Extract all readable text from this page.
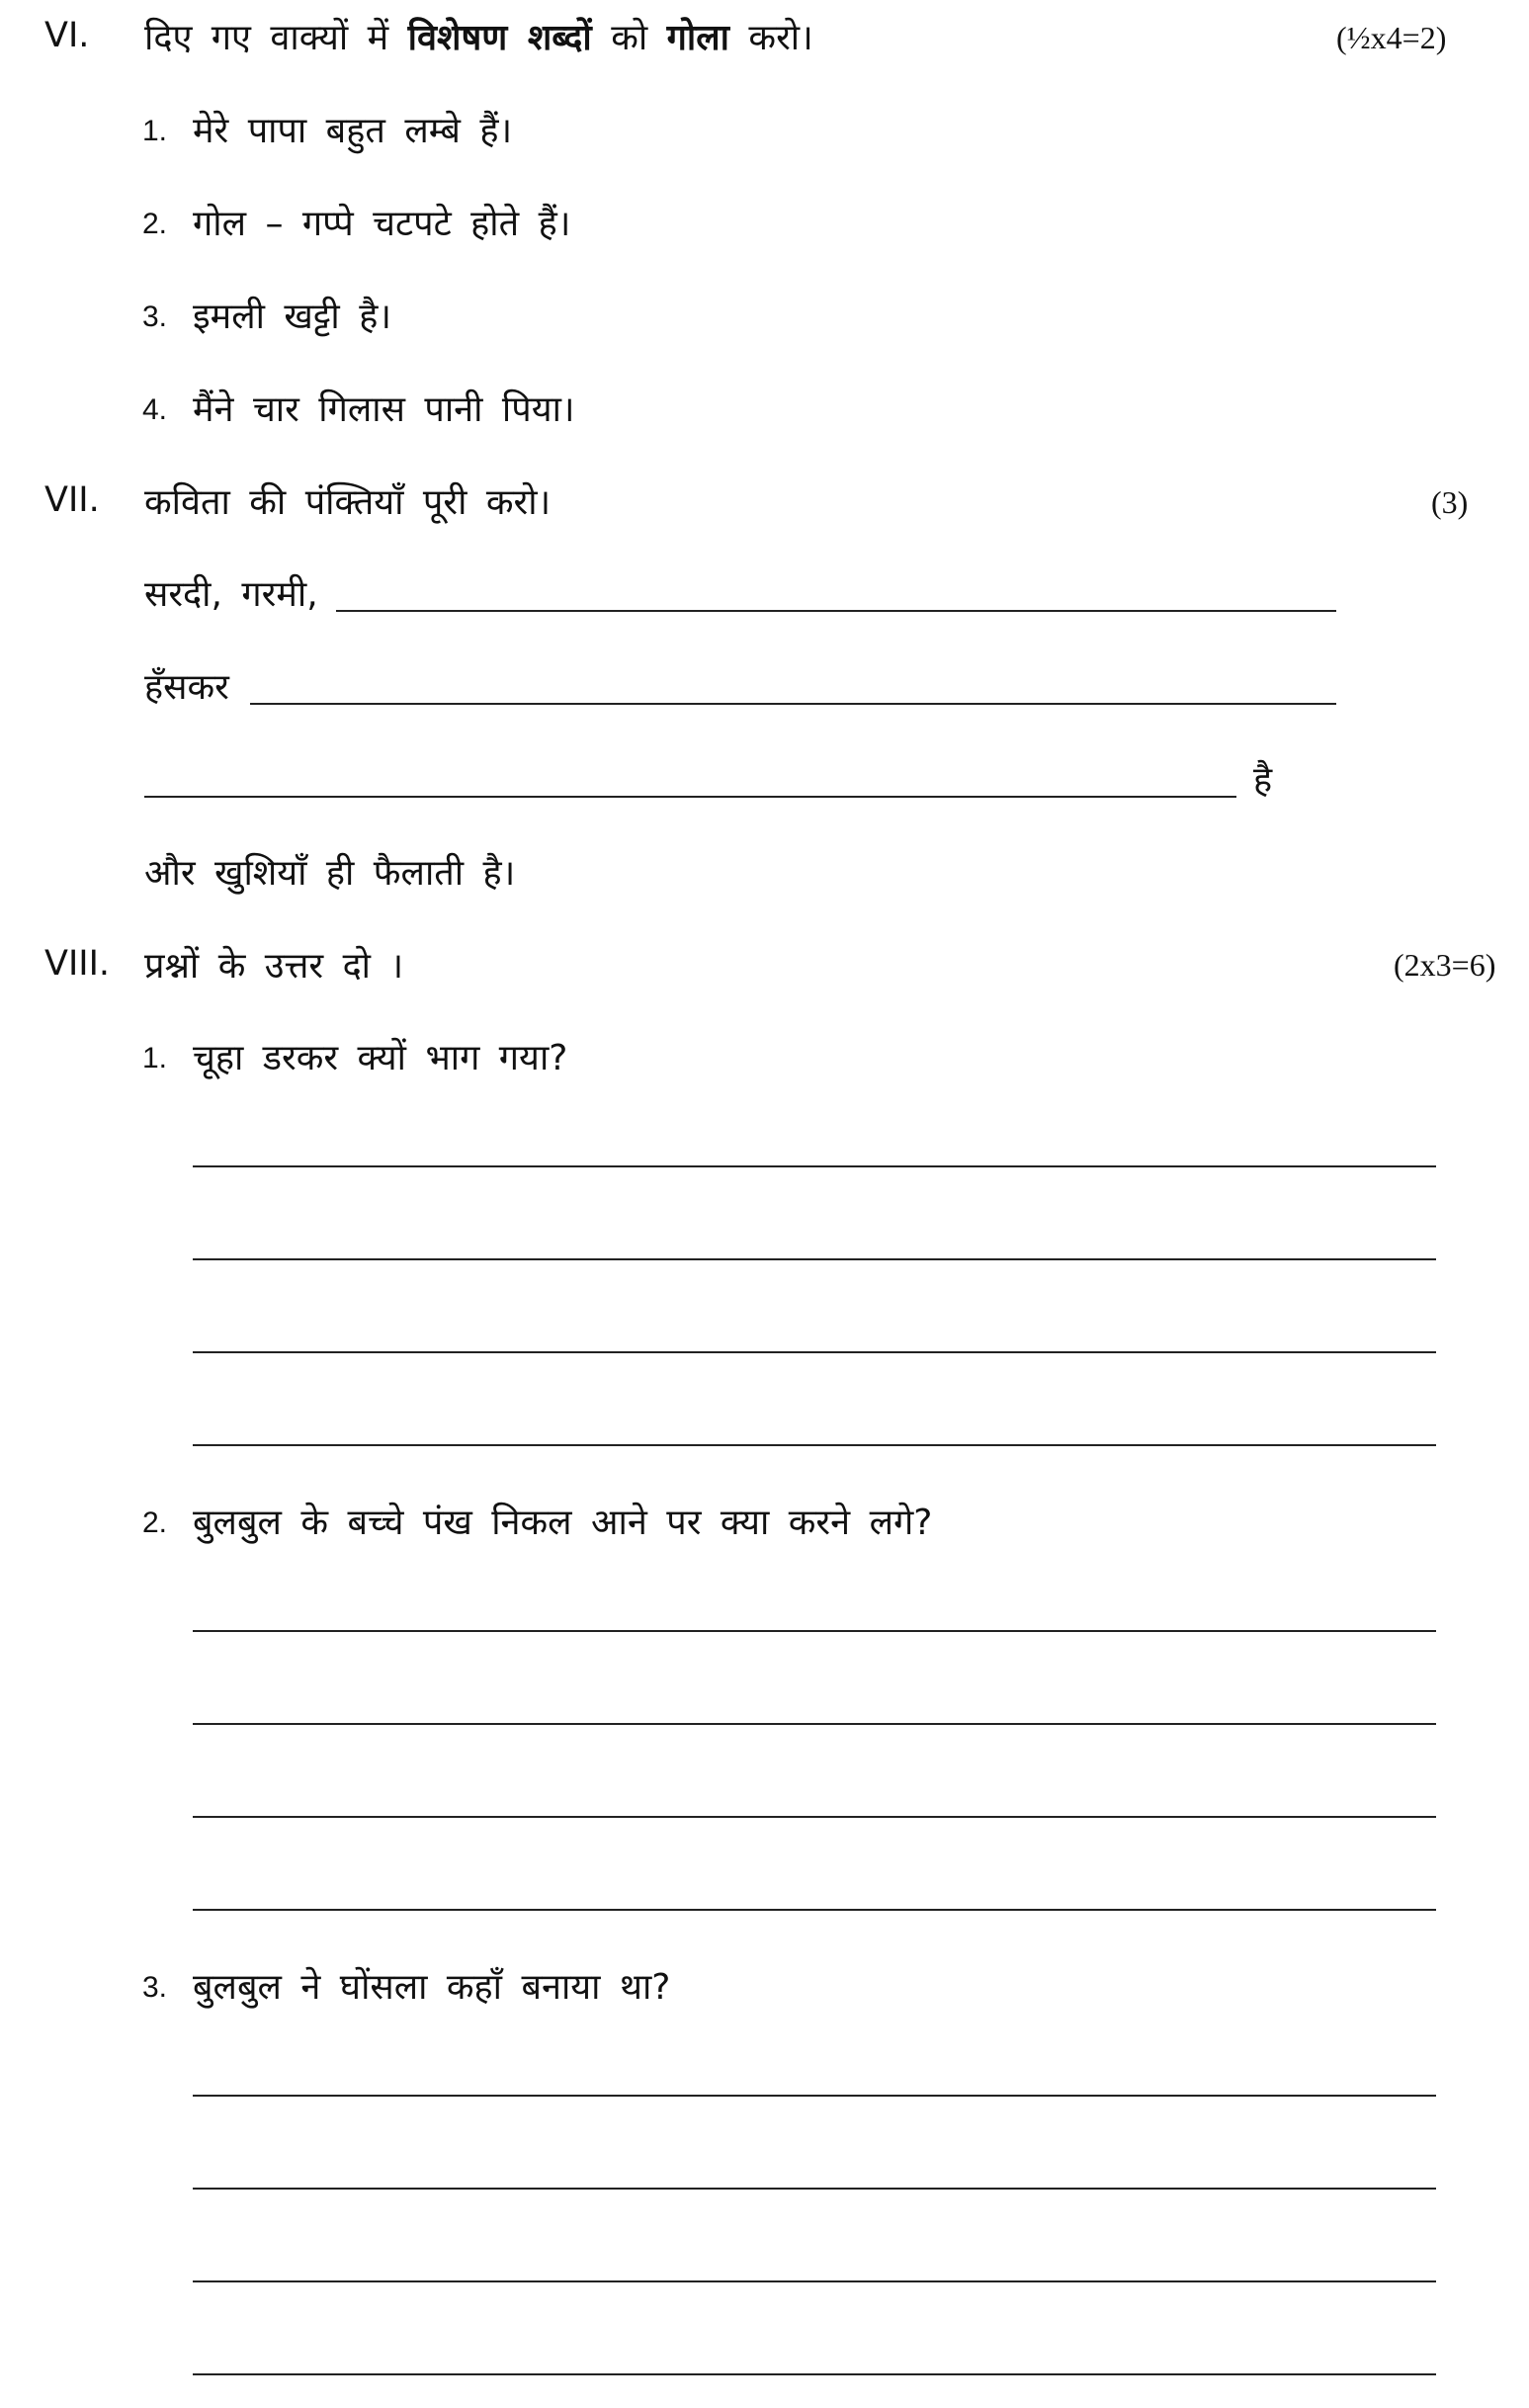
VI. दिए गए वाक्यों में विशेषण शब्दों को गोला करो।	(½x4=2)
1. मेरे पापा बहुत लम्बे हैं।
2. गोल – गप्पे चटपटे होते हैं।
3. इमली खट्टी है।
4. मैंने चार गिलास पानी पिया।
VII. कविता की पंक्तियाँ पूरी करो।	(3)
सरदी, गरमी,
हँसकर
है
और खुशियाँ ही फैलाती है।
VIII. प्रश्नों के उत्तर दो ।	(2x3=6)
1. चूहा डरकर क्यों भाग गया?
2. बुलबुल के बच्चे पंख निकल आने पर क्या करने लगे?
3. बुलबुल ने घोंसला कहाँ बनाया था?
